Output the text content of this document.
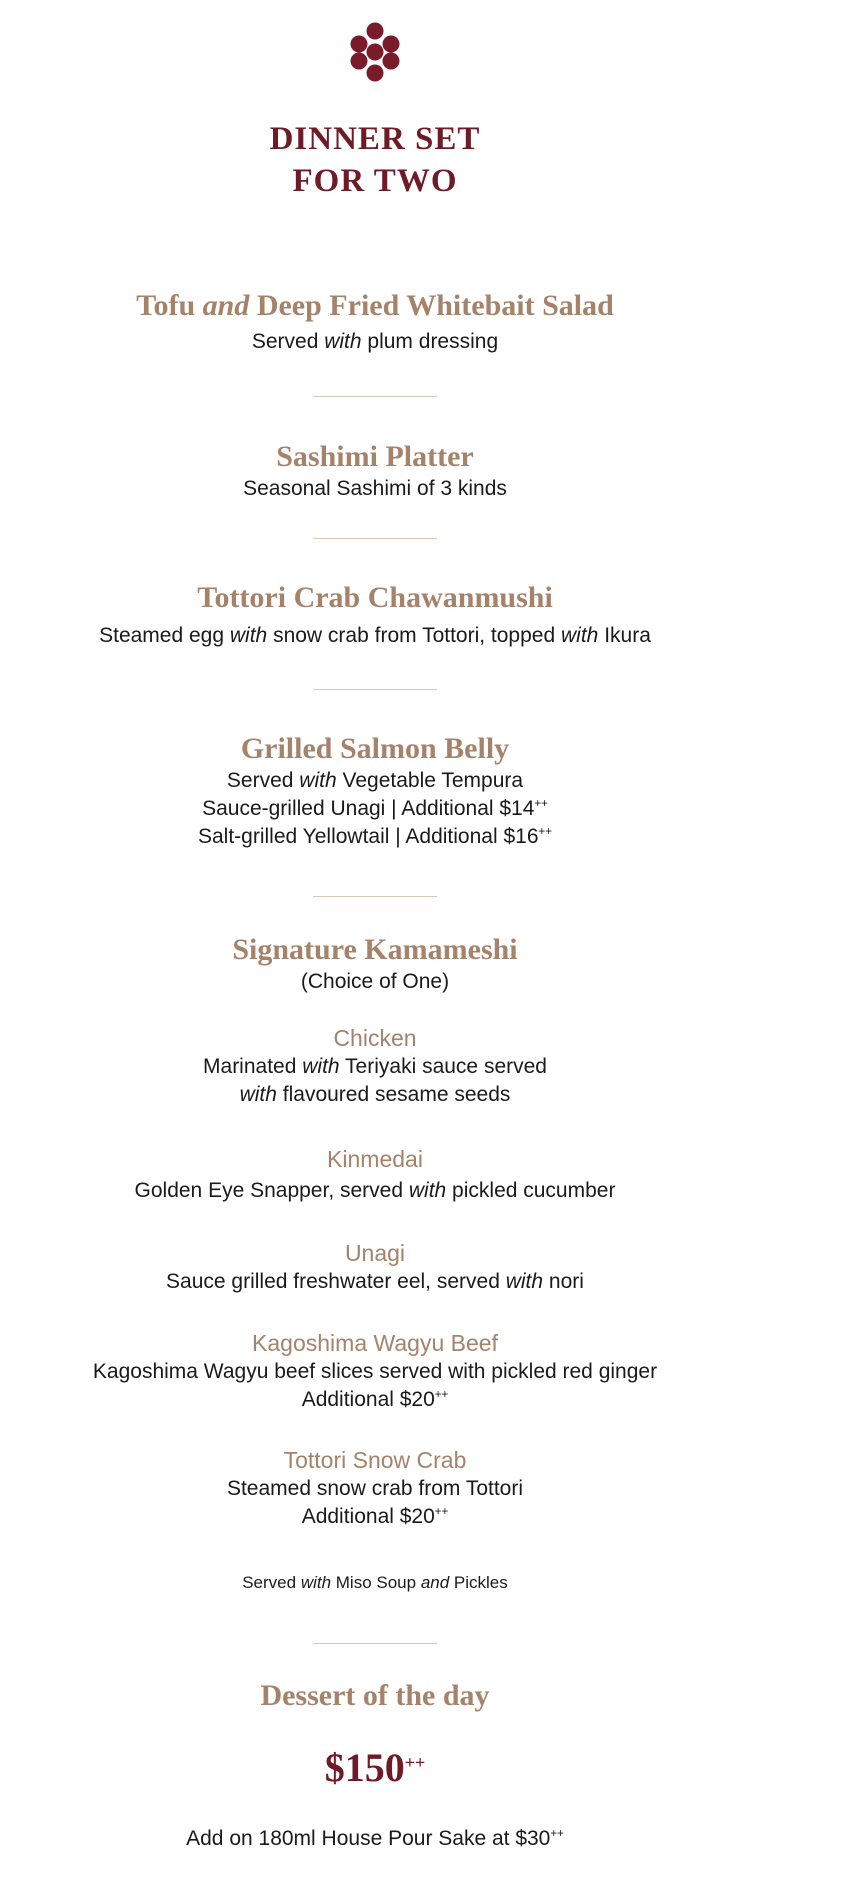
DINNER SET
FOR TWO
Tofu and Deep Fried Whitebait Salad
Served with plum dressing
Sashimi Platter
Seasonal Sashimi of 3 kinds
Tottori Crab Chawanmushi
Steamed egg with snow crab from Tottori, topped with Ikura
Grilled Salmon Belly
Served with Vegetable Tempura
Sauce-grilled Unagi | Additional $14++
Salt-grilled Yellowtail | Additional $16++
Signature Kamameshi
(Choice of One)
Chicken
Marinated with Teriyaki sauce served
with flavoured sesame seeds
Kinmedai
Golden Eye Snapper, served with pickled cucumber
Unagi
Sauce grilled freshwater eel, served with nori
Kagoshima Wagyu Beef
Kagoshima Wagyu beef slices served with pickled red ginger
Additional $20++
Tottori Snow Crab
Steamed snow crab from Tottori
Additional $20++
Served with Miso Soup and Pickles
Dessert of the day
$150++
Add on 180ml House Pour Sake at $30++
